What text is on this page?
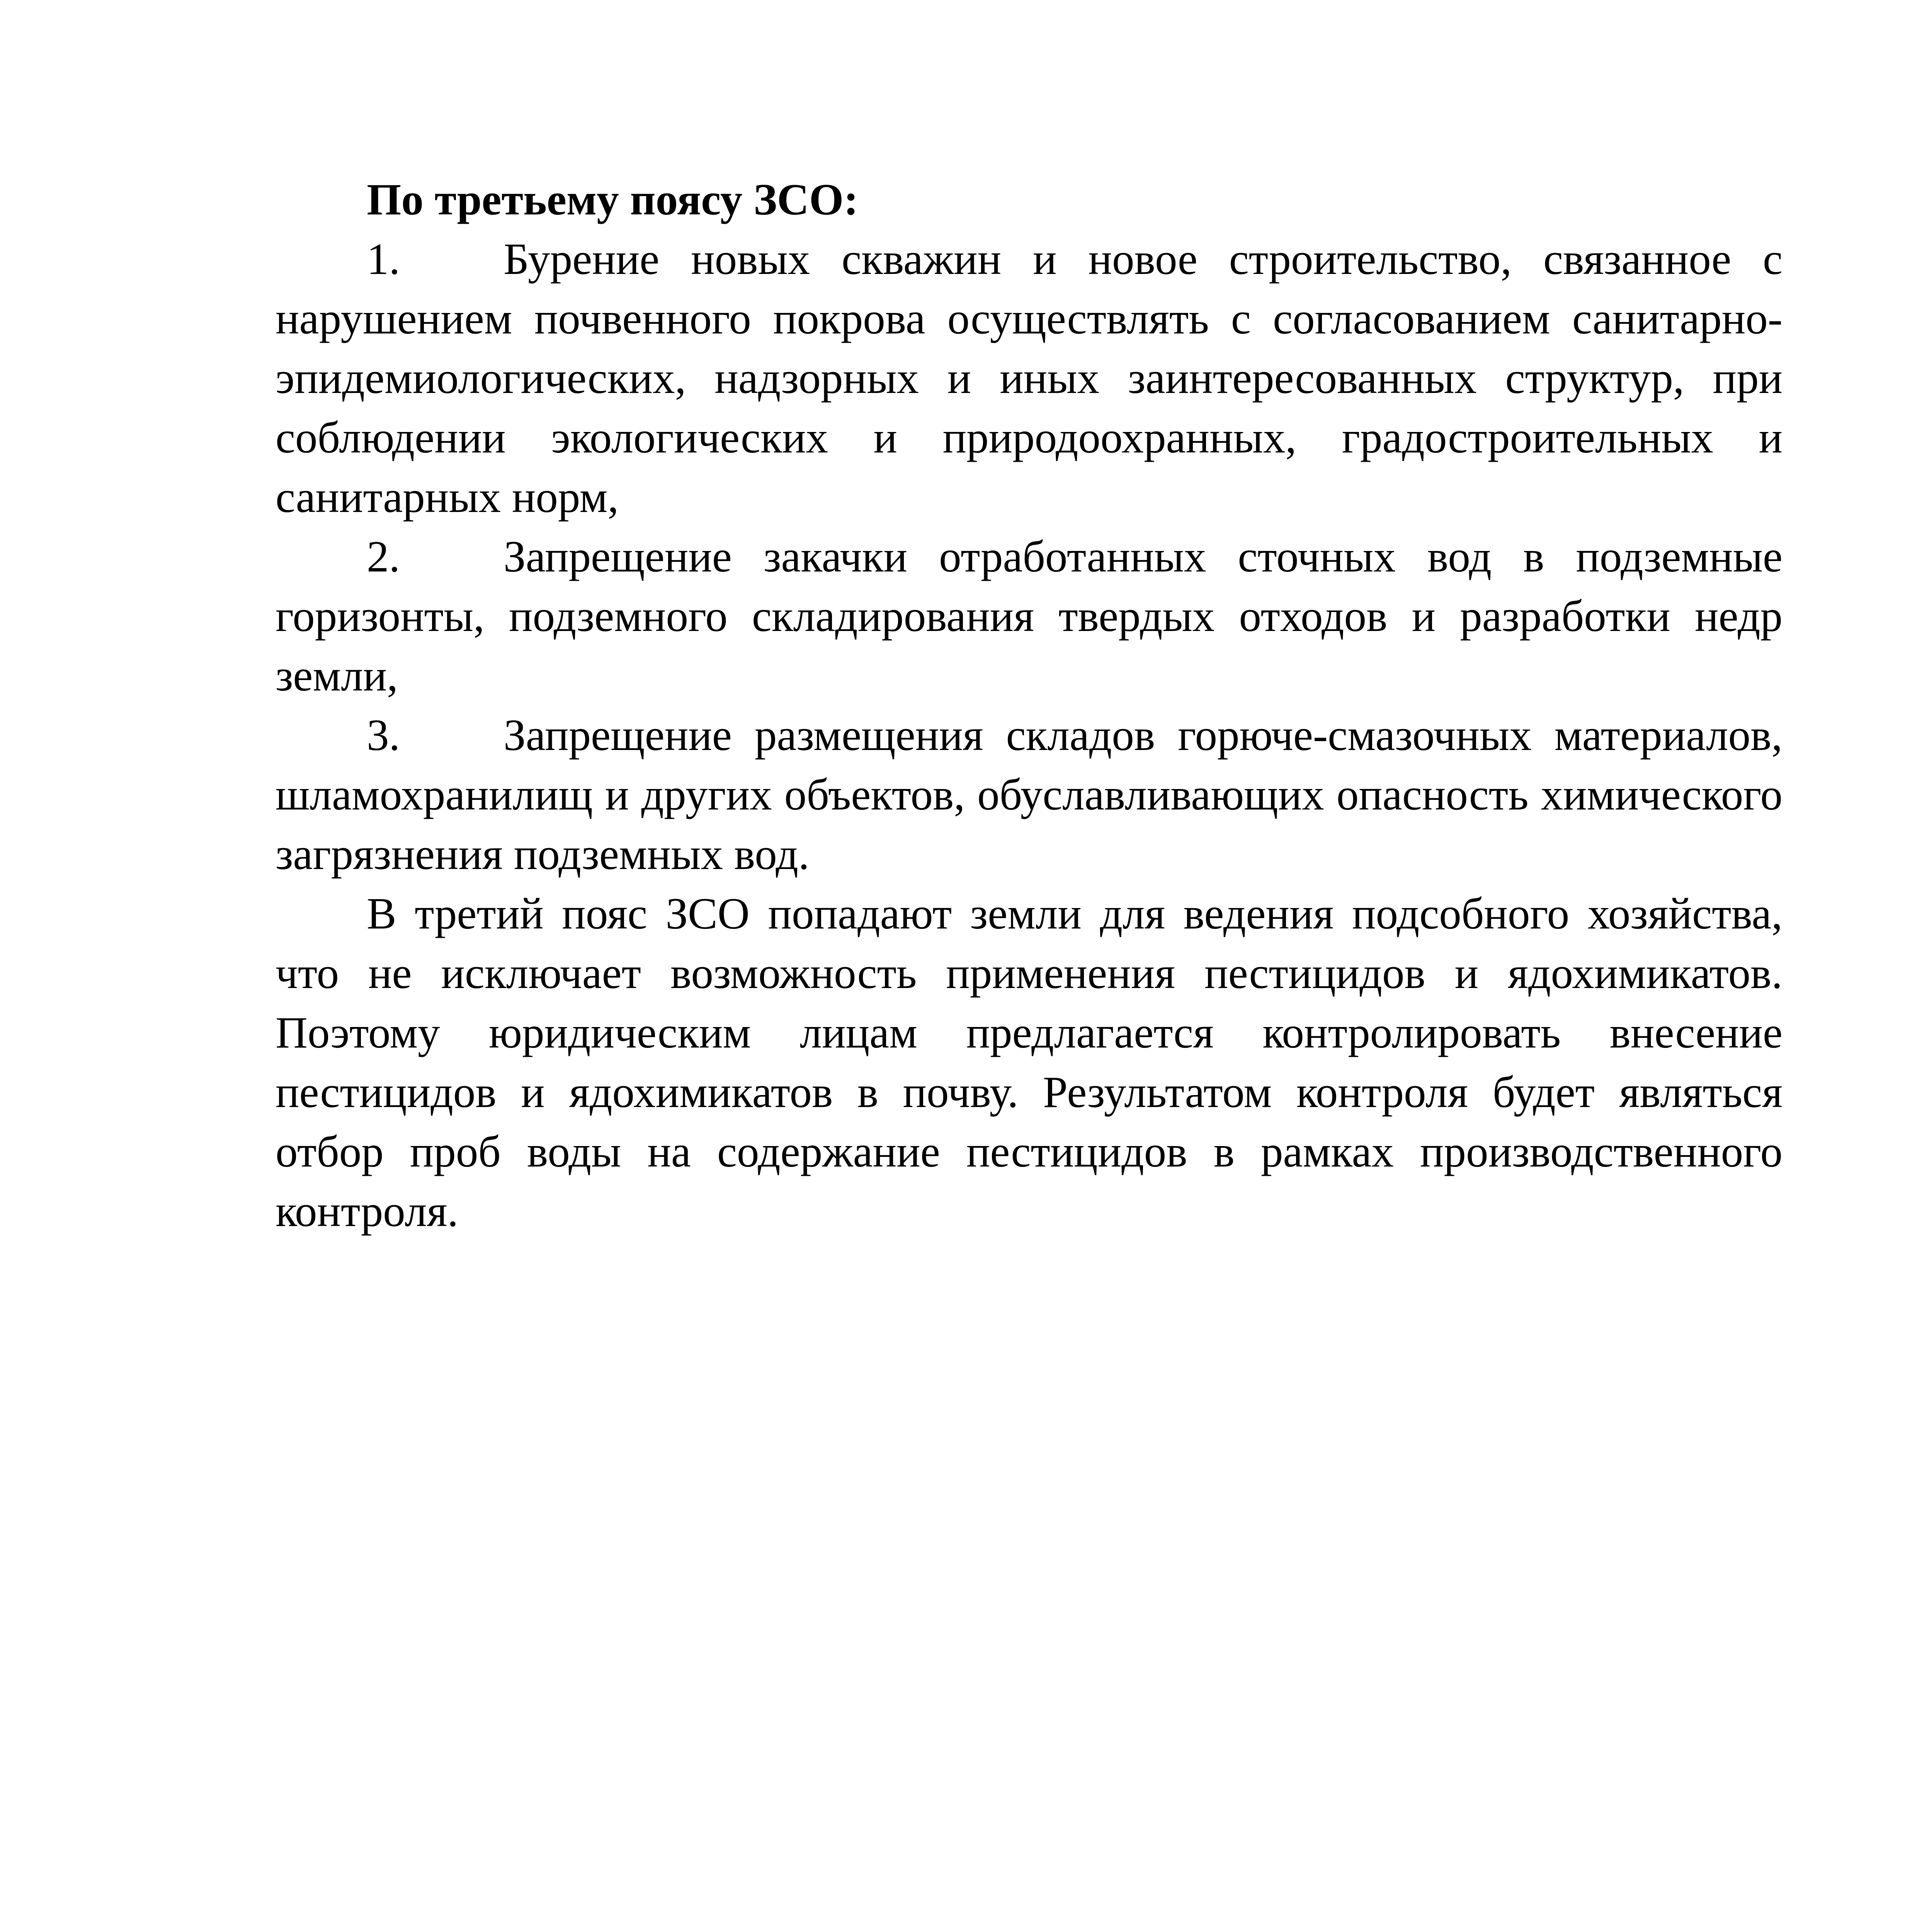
По третьему поясу ЗСО:

1. Бурение новых скважин и новое строительство, связанное с нарушением почвенного покрова осуществлять с согласованием санитарно-эпидемиологических, надзорных и иных заинтересованных структур, при соблюдении экологических и природоохранных, градостроительных и санитарных норм,

2. Запрещение закачки отработанных сточных вод в подземные горизонты, подземного складирования твердых отходов и разработки недр земли,

3. Запрещение размещения складов горюче-смазочных материалов, шламохранилищ и других объектов, обуславливающих опасность химического загрязнения подземных вод.

В третий пояс ЗСО попадают земли для ведения подсобного хозяйства, что не исключает возможность применения пестицидов и ядохимикатов. Поэтому юридическим лицам предлагается контролировать внесение пестицидов и ядохимикатов в почву. Результатом контроля будет являться отбор проб воды на содержание пестицидов в рамках производственного контроля.
